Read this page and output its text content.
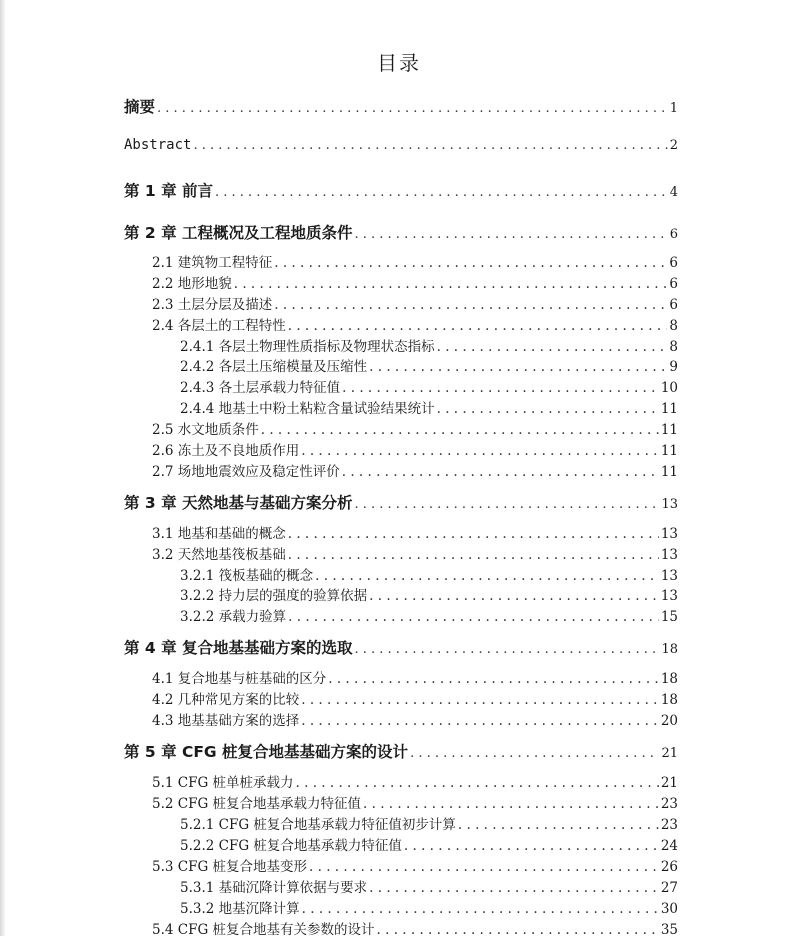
目录
摘要 . . .	1
Abstract . . .	2
第 1 章 前言 . . .	4
第 2 章 工程概况及工程地质条件 . . .	6
2.1 建筑物工程特征 . . .	6
2.2 地形地貌 . . .	6
2.3 土层分层及描述 . . .	6
2.4 各层土的工程特性 . . .	8
2.4.1 各层土物理性质指标及物理状态指标 . . .	8
2.4.2 各层土压缩模量及压缩性 . . .	9
2.4.3 各土层承载力特征值 . . .	10
2.4.4 地基土中粉土粘粒含量试验结果统计 . . .	11
2.5 水文地质条件 . . .	11
2.6 冻土及不良地质作用 . . .	11
2.7 场地地震效应及稳定性评价 . . .	11
第 3 章 天然地基与基础方案分析 . . .	13
3.1 地基和基础的概念 . . .	13
3.2 天然地基筏板基础 . . .	13
3.2.1 筏板基础的概念 . . .	13
3.2.2 持力层的强度的验算依据 . . .	13
3.2.2 承载力验算 . . .	15
第 4 章 复合地基基础方案的选取 . . .	18
4.1 复合地基与桩基础的区分 . . .	18
4.2 几种常见方案的比较 . . .	18
4.3 地基基础方案的选择 . . .	20
第 5 章 CFG 桩复合地基基础方案的设计 . . .	21
5.1 CFG 桩单桩承载力 . . .	21
5.2 CFG 桩复合地基承载力特征值 . . .	23
5.2.1 CFG 桩复合地基承载力特征值初步计算 . . .	23
5.2.2 CFG 桩复合地基承载力特征值 . . .	24
5.3 CFG 桩复合地基变形 . . .	26
5.3.1 基础沉降计算依据与要求 . . .	27
5.3.2 地基沉降计算 . . .	30
5.4 CFG 桩复合地基有关参数的设计 . . .	35
